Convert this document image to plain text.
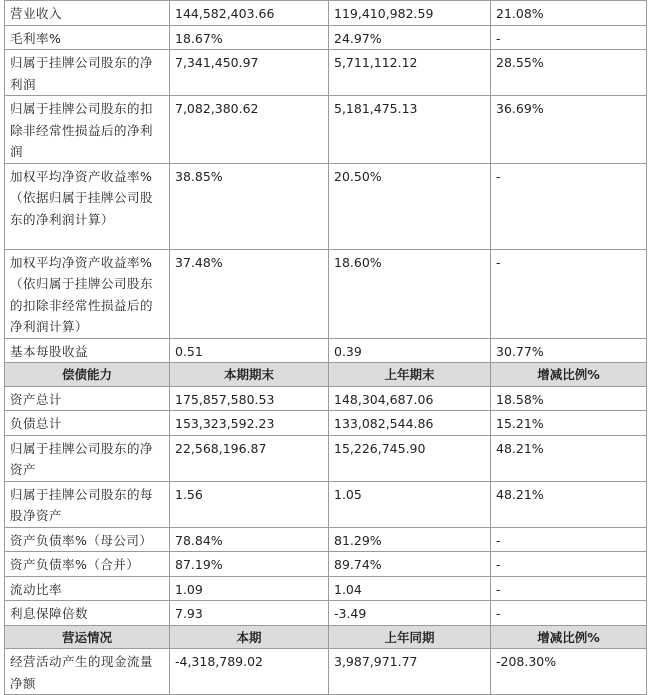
营业收入	144,582,403.66	119,410,982.59	21.08%
毛利率%	18.67%	24.97%	-
归属于挂牌公司股东的净利润	7,341,450.97	5,711,112.12	28.55%
归属于挂牌公司股东的扣除非经常性损益后的净利润	7,082,380.62	5,181,475.13	36.69%
加权平均净资产收益率%（依据归属于挂牌公司股东的净利润计算）	38.85%	20.50%	-
加权平均净资产收益率%（依归属于挂牌公司股东的扣除非经常性损益后的净利润计算）	37.48%	18.60%	-
基本每股收益	0.51	0.39	30.77%
偿债能力	本期期末	上年期末	增减比例%
资产总计	175,857,580.53	148,304,687.06	18.58%
负债总计	153,323,592.23	133,082,544.86	15.21%
归属于挂牌公司股东的净资产	22,568,196.87	15,226,745.90	48.21%
归属于挂牌公司股东的每股净资产	1.56	1.05	48.21%
资产负债率%（母公司）	78.84%	81.29%	-
资产负债率%（合并）	87.19%	89.74%	-
流动比率	1.09	1.04	-
利息保障倍数	7.93	-3.49	-
营运情况	本期	上年同期	增减比例%
经营活动产生的现金流量净额	-4,318,789.02	3,987,971.77	-208.30%
